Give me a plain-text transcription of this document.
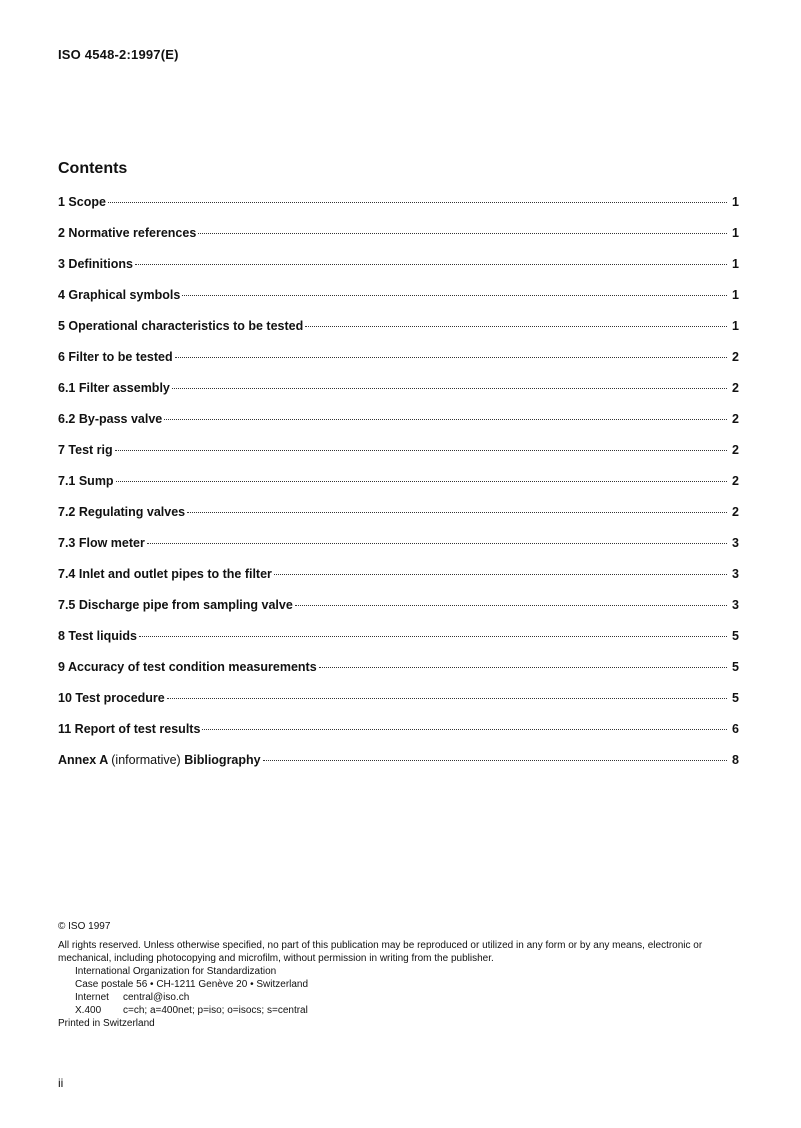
ISO 4548-2:1997(E)
Contents
1 Scope	1
2 Normative references	1
3 Definitions	1
4 Graphical symbols	1
5 Operational characteristics to be tested	1
6 Filter to be tested	2
6.1 Filter assembly	2
6.2 By-pass valve	2
7 Test rig	2
7.1 Sump	2
7.2 Regulating valves	2
7.3 Flow meter	3
7.4 Inlet and outlet pipes to the filter	3
7.5 Discharge pipe from sampling valve	3
8 Test liquids	5
9 Accuracy of test condition measurements	5
10 Test procedure	5
11 Report of test results	6
Annex A (informative) Bibliography	8
© ISO 1997
All rights reserved. Unless otherwise specified, no part of this publication may be reproduced or utilized in any form or by any means, electronic or mechanical, including photocopying and microfilm, without permission in writing from the publisher.
International Organization for Standardization
Case postale 56 • CH-1211 Genève 20 • Switzerland
Internet	central@iso.ch
X.400	c=ch; a=400net; p=iso; o=isocs; s=central
Printed in Switzerland
ii
